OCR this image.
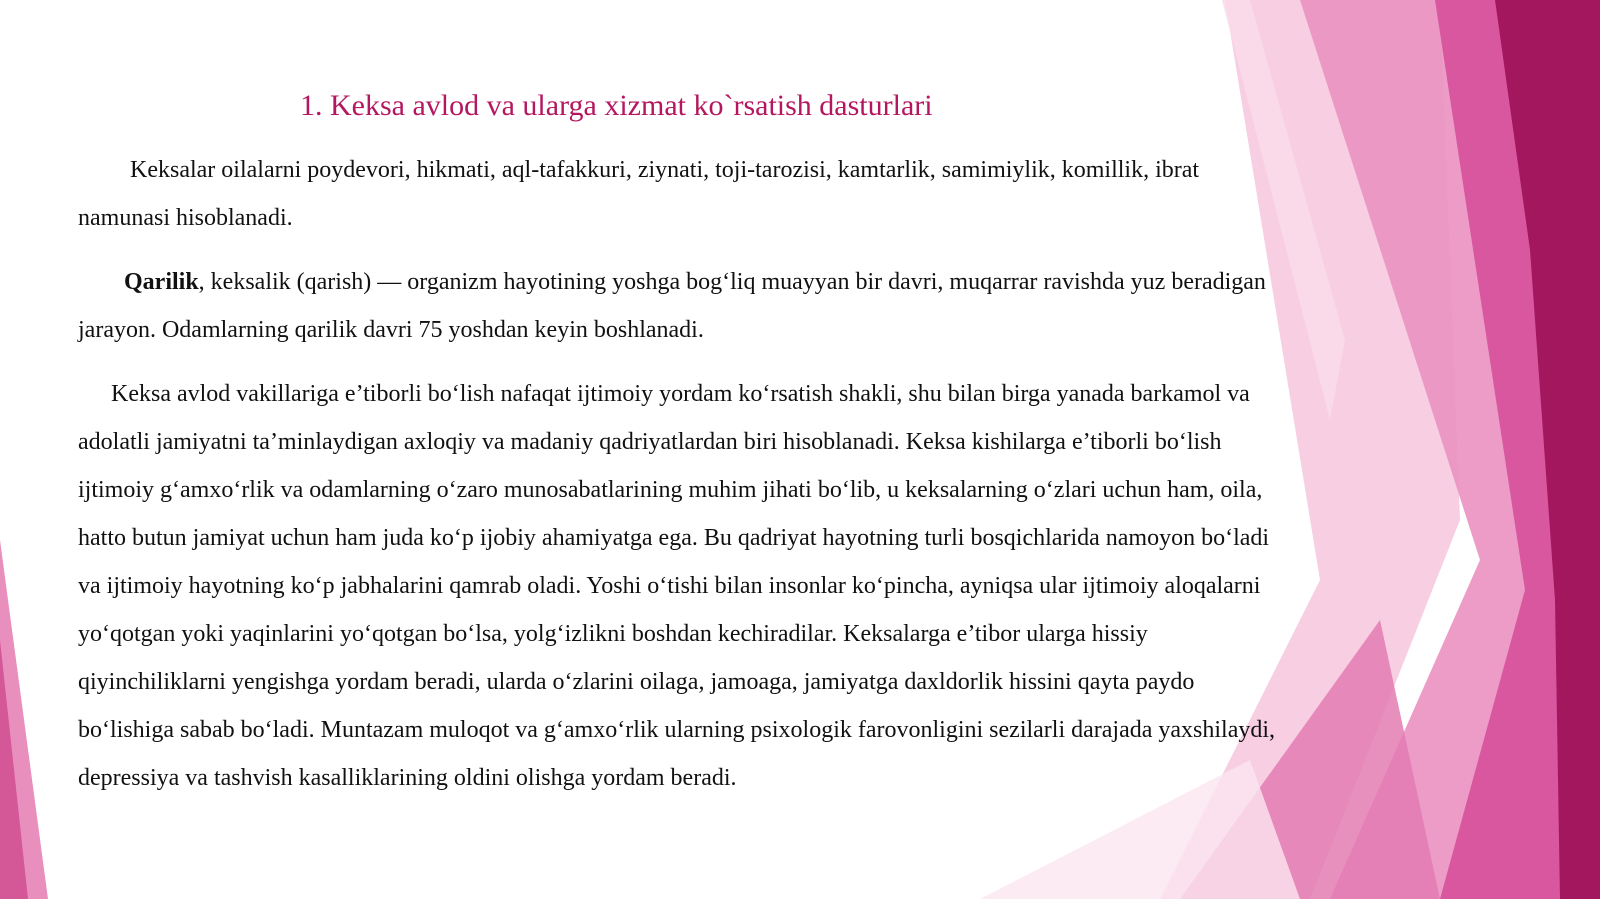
1. Keksa avlod va ularga xizmat ko`rsatish dasturlari

Keksalar oilalarni poydevori, hikmati, aql-tafakkuri, ziynati, toji-tarozisi, kamtarlik, samimiylik, komillik, ibrat
namunasi hisoblanadi.

Qarilik, keksalik (qarish) — organizm hayotining yoshga bog‘liq muayyan bir davri, muqarrar ravishda yuz beradigan
jarayon. Odamlarning qarilik davri 75 yoshdan keyin boshlanadi.

Keksa avlod vakillariga e’tiborli bo‘lish nafaqat ijtimoiy yordam ko‘rsatish shakli, shu bilan birga yanada barkamol va
adolatli jamiyatni ta’minlaydigan axloqiy va madaniy qadriyatlardan biri hisoblanadi. Keksa kishilarga e’tiborli bo‘lish
ijtimoiy g‘amxo‘rlik va odamlarning o‘zaro munosabatlarining muhim jihati bo‘lib, u keksalarning o‘zlari uchun ham, oila,
hatto butun jamiyat uchun ham juda ko‘p ijobiy ahamiyatga ega. Bu qadriyat hayotning turli bosqichlarida namoyon bo‘ladi
va ijtimoiy hayotning ko‘p jabhalarini qamrab oladi. Yoshi o‘tishi bilan insonlar ko‘pincha, ayniqsa ular ijtimoiy aloqalarni
yo‘qotgan yoki yaqinlarini yo‘qotgan bo‘lsa, yolg‘izlikni boshdan kechiradilar. Keksalarga e’tibor ularga hissiy
qiyinchiliklarni yengishga yordam beradi, ularda o‘zlarini oilaga, jamoaga, jamiyatga daxldorlik hissini qayta paydo
bo‘lishiga sabab bo‘ladi. Muntazam muloqot va g‘amxo‘rlik ularning psixologik farovonligini sezilarli darajada yaxshilaydi,
depressiya va tashvish kasalliklarining oldini olishga yordam beradi.
